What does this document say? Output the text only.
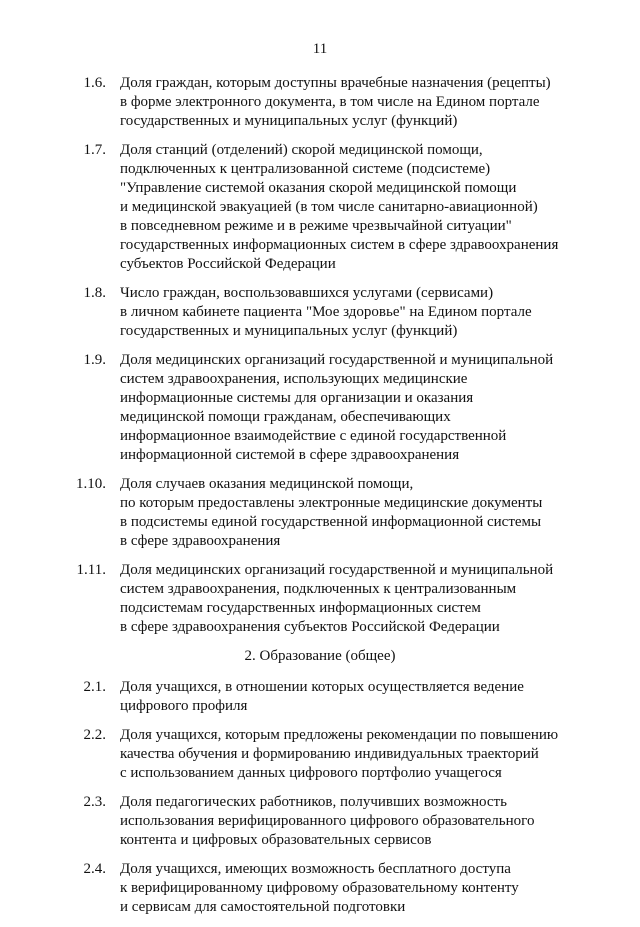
11
1.6. Доля граждан, которым доступны врачебные назначения (рецепты)
в форме электронного документа, в том числе на Едином портале
государственных и муниципальных услуг (функций)
1.7. Доля станций (отделений) скорой медицинской помощи,
подключенных к централизованной системе (подсистеме)
"Управление системой оказания скорой медицинской помощи
и медицинской эвакуацией (в том числе санитарно-авиационной)
в повседневном режиме и в режиме чрезвычайной ситуации"
государственных информационных систем в сфере здравоохранения
субъектов Российской Федерации
1.8. Число граждан, воспользовавшихся услугами (сервисами)
в личном кабинете пациента "Мое здоровье" на Едином портале
государственных и муниципальных услуг (функций)
1.9. Доля медицинских организаций государственной и муниципальной
систем здравоохранения, использующих медицинские
информационные системы для организации и оказания
медицинской помощи гражданам, обеспечивающих
информационное взаимодействие с единой государственной
информационной системой в сфере здравоохранения
1.10. Доля случаев оказания медицинской помощи,
по которым предоставлены электронные медицинские документы
в подсистемы единой государственной информационной системы
в сфере здравоохранения
1.11. Доля медицинских организаций государственной и муниципальной
систем здравоохранения, подключенных к централизованным
подсистемам государственных информационных систем
в сфере здравоохранения субъектов Российской Федерации
2. Образование (общее)
2.1. Доля учащихся, в отношении которых осуществляется ведение
цифрового профиля
2.2. Доля учащихся, которым предложены рекомендации по повышению
качества обучения и формированию индивидуальных траекторий
с использованием данных цифрового портфолио учащегося
2.3. Доля педагогических работников, получивших возможность
использования верифицированного цифрового образовательного
контента и цифровых образовательных сервисов
2.4. Доля учащихся, имеющих возможность бесплатного доступа
к верифицированному цифровому образовательному контенту
и сервисам для самостоятельной подготовки
